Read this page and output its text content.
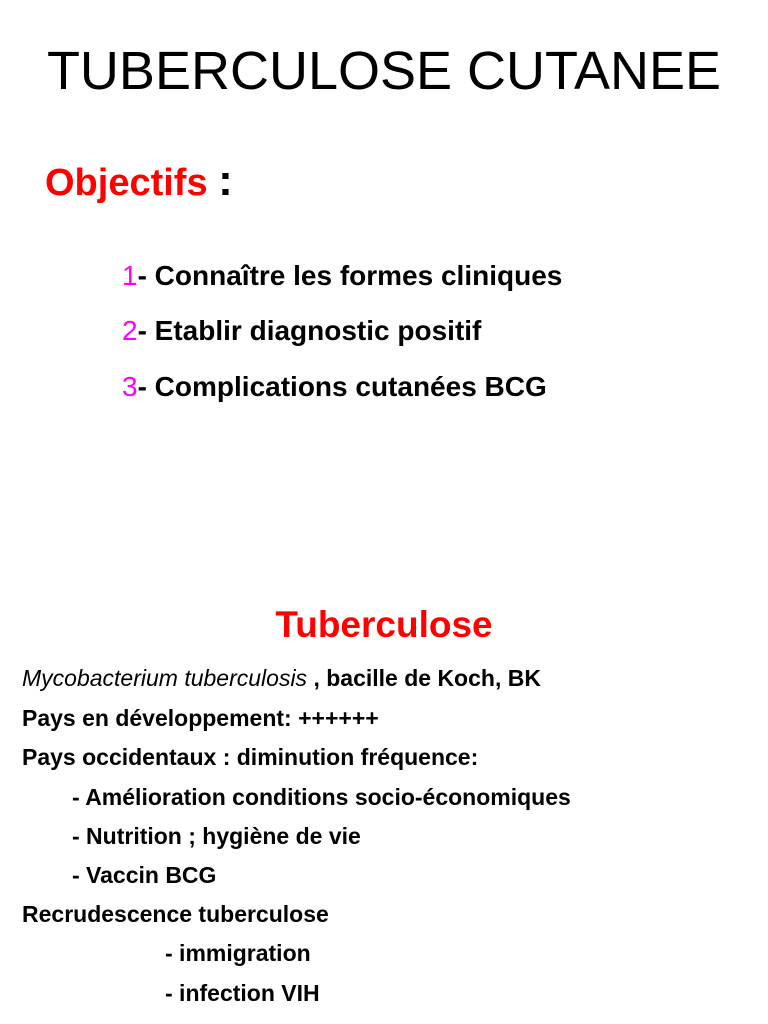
TUBERCULOSE CUTANEE
Objectifs :
1- Connaître les formes cliniques
2- Etablir diagnostic positif
3- Complications cutanées BCG
Tuberculose
Mycobacterium tuberculosis , bacille de Koch, BK
Pays en développement: ++++++
Pays occidentaux : diminution fréquence:
- Amélioration conditions socio-économiques
- Nutrition ; hygiène de vie
- Vaccin BCG
Recrudescence tuberculose
- immigration
- infection VIH
